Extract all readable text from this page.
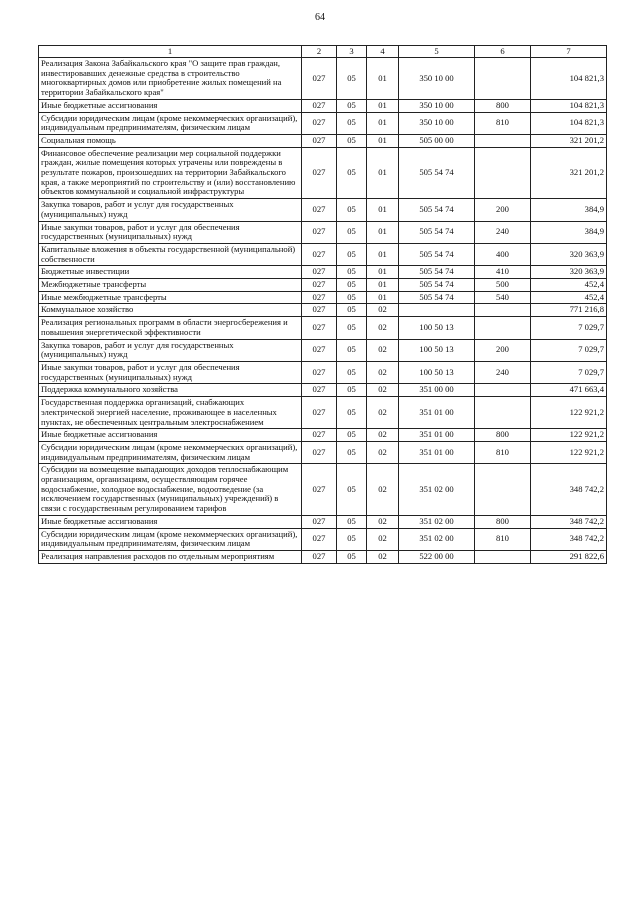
64
1	2	3	4	5	6	7
Реализация Закона Забайкальского края "О защите прав граждан, инвестировавших денежные средства в строительство многоквартирных домов или приобретение жилых помещений на территории Забайкальского края"	027	05	01	350 10 00		104 821,3
Иные бюджетные ассигнования	027	05	01	350 10 00	800	104 821,3
Субсидии юридическим лицам (кроме некоммерческих организаций), индивидуальным предпринимателям, физическим лицам	027	05	01	350 10 00	810	104 821,3
Социальная помощь	027	05	01	505 00 00		321 201,2
Финансовое обеспечение реализации мер социальной поддержки граждан, жилые помещения которых утрачены или повреждены в результате пожаров, произошедших на территории Забайкальского края, а также мероприятий по строительству и (или) восстановлению объектов коммунальной и социальной инфраструктуры	027	05	01	505 54 74		321 201,2
Закупка товаров, работ и услуг для государственных (муниципальных) нужд	027	05	01	505 54 74	200	384,9
Иные закупки товаров, работ и услуг для обеспечения государственных (муниципальных) нужд	027	05	01	505 54 74	240	384,9
Капитальные вложения в объекты государственной (муниципальной) собственности	027	05	01	505 54 74	400	320 363,9
Бюджетные инвестиции	027	05	01	505 54 74	410	320 363,9
Межбюджетные трансферты	027	05	01	505 54 74	500	452,4
Иные межбюджетные трансферты	027	05	01	505 54 74	540	452,4
Коммунальное хозяйство	027	05	02			771 216,8
Реализация региональных программ в области энергосбережения и повышения энергетической эффективности	027	05	02	100 50 13		7 029,7
Закупка товаров, работ и услуг для государственных (муниципальных) нужд	027	05	02	100 50 13	200	7 029,7
Иные закупки товаров, работ и услуг для обеспечения государственных (муниципальных) нужд	027	05	02	100 50 13	240	7 029,7
Поддержка коммунального хозяйства	027	05	02	351 00 00		471 663,4
Государственная поддержка организаций, снабжающих электрической энергией население, проживающее в населенных пунктах, не обеспеченных центральным электроснабжением	027	05	02	351 01 00		122 921,2
Иные бюджетные ассигнования	027	05	02	351 01 00	800	122 921,2
Субсидии юридическим лицам (кроме некоммерческих организаций), индивидуальным предпринимателям, физическим лицам	027	05	02	351 01 00	810	122 921,2
Субсидии на возмещение выпадающих доходов теплоснабжающим организациям, организациям, осуществляющим горячее водоснабжение, холодное водоснабжение, водоотведение (за исключением государственных (муниципальных) учреждений) в связи с государственным регулированием тарифов	027	05	02	351 02 00		348 742,2
Иные бюджетные ассигнования	027	05	02	351 02 00	800	348 742,2
Субсидии юридическим лицам (кроме некоммерческих организаций), индивидуальным предпринимателям, физическим лицам	027	05	02	351 02 00	810	348 742,2
Реализация направления расходов по отдельным мероприятиям	027	05	02	522 00 00		291 822,6
